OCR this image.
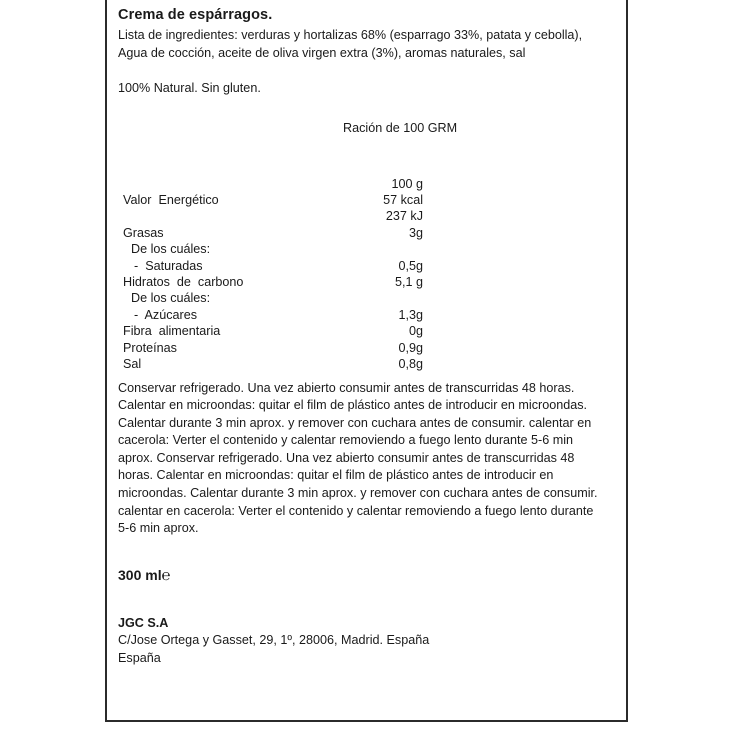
Crema de espárragos.

Lista de ingredientes: verduras y hortalizas 68% (esparrago 33%, patata y cebolla), Agua de cocción, aceite de oliva virgen extra (3%), aromas naturales, sal

100% Natural. Sin gluten.

Ración de 100 GRM

	100 g
Valor  Energético	57 kcal
	237 kJ
Grasas	3g
De los cuáles:	
-  Saturadas	0,5g
Hidratos  de  carbono	5,1 g
De los cuáles:	
-  Azúcares	1,3g
Fibra  alimentaria	0g
Proteínas	0,9g
Sal	0,8g

Conservar refrigerado. Una vez abierto consumir antes de transcurridas 48 horas. Calentar en microondas: quitar el film de plástico antes de introducir en microondas. Calentar durante 3 min aprox. y remover con cuchara antes de consumir. calentar en cacerola: Verter el contenido y calentar removiendo a fuego lento durante 5-6 min aprox. Conservar refrigerado. Una vez abierto consumir antes de transcurridas 48 horas. Calentar en microondas: quitar el film de plástico antes de introducir en microondas. Calentar durante 3 min aprox. y remover con cuchara antes de consumir. calentar en cacerola: Verter el contenido y calentar removiendo a fuego lento durante 5-6 min aprox.

300 ml℮

JGC S.A

C/Jose Ortega y Gasset, 29, 1º, 28006, Madrid. España

España
